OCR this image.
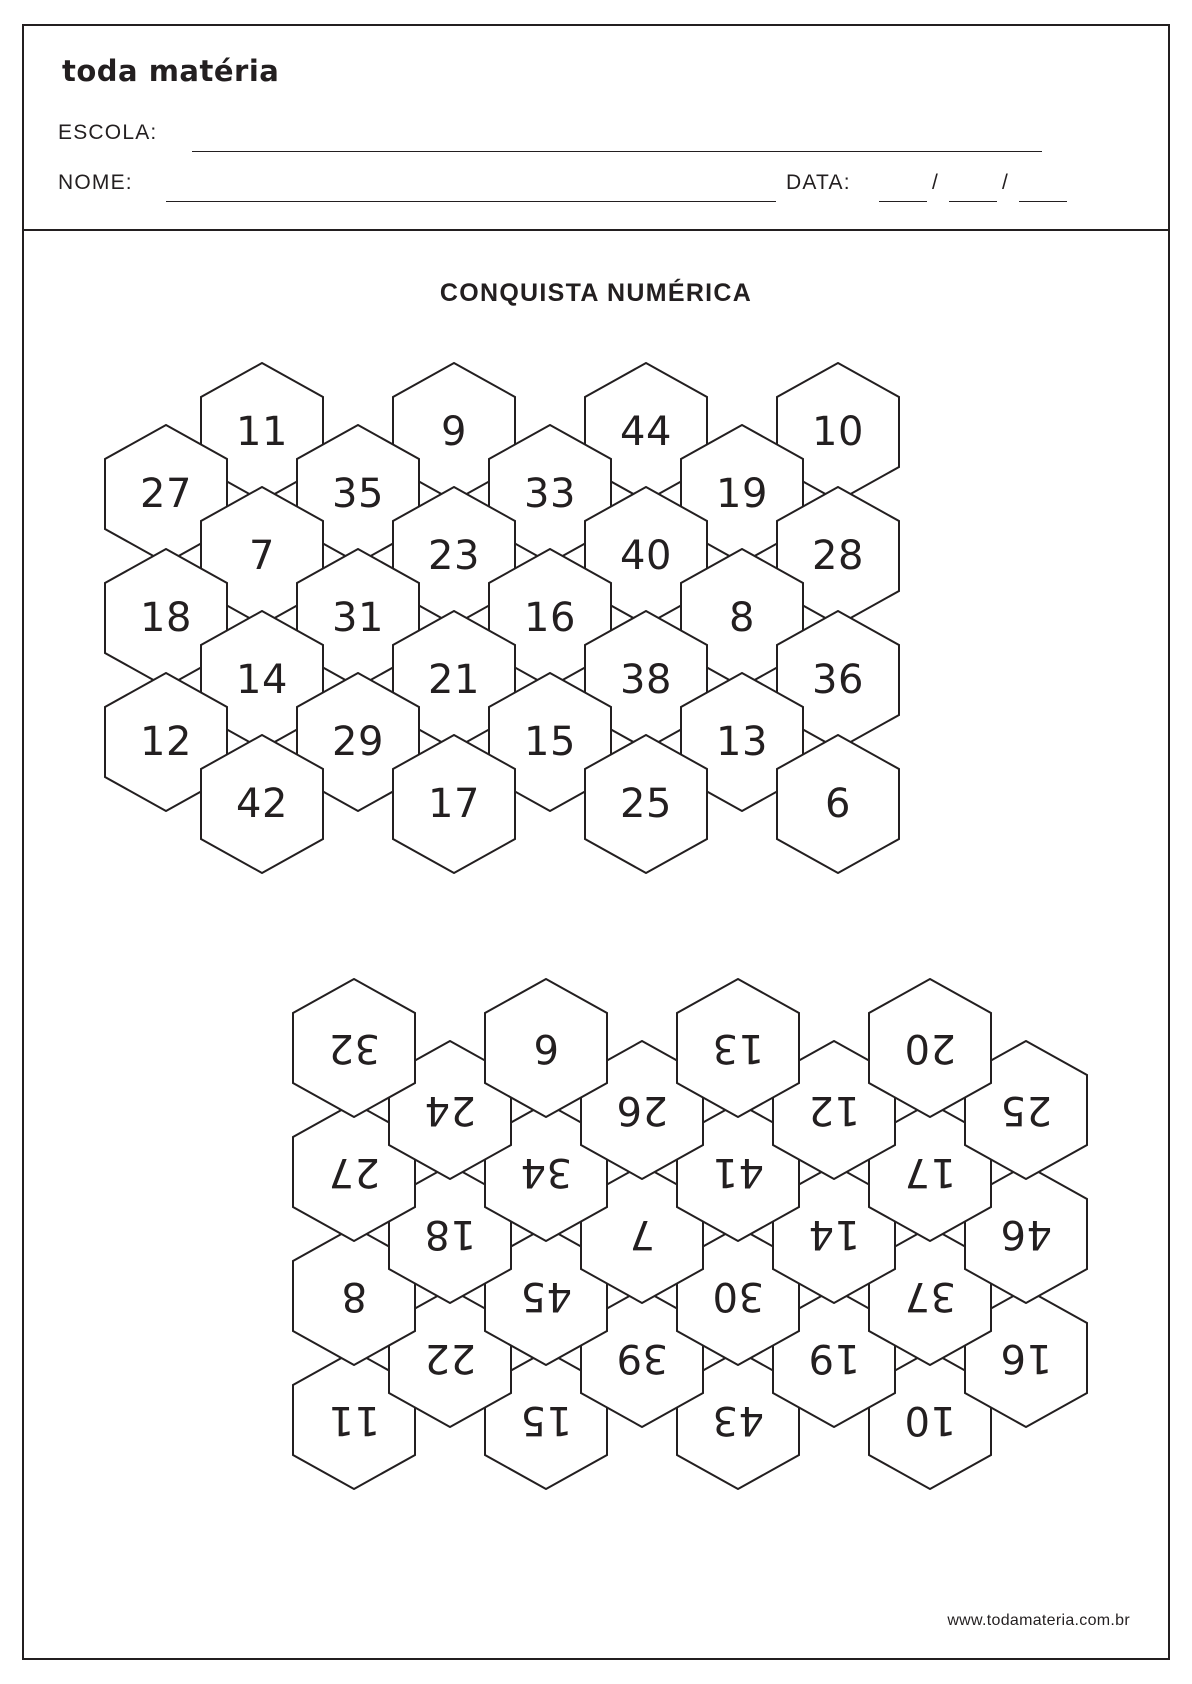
toda matéria
ESCOLA:
NOME:	DATA:	/	/
CONQUISTA NUMÉRICA
11	9	44	10
27	35	33	19
7	23	40	28
18	31	16	8
14	21	38	36
12	29	15	13
42	17	25	6
10
43
15
11
16
19
39
22
37
30
45
8
46
14
7
18
17
41
34
27
25
12
26
24
20
13
6
32
www.todamateria.com.br
